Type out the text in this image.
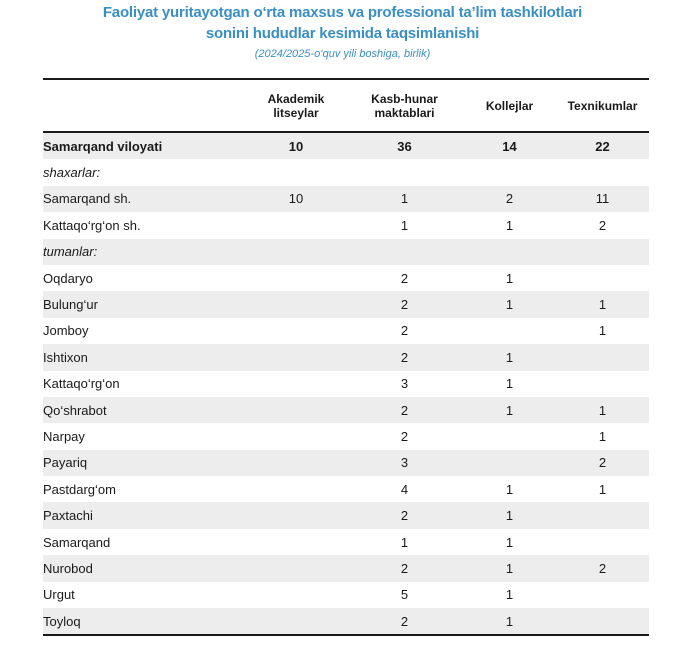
Faoliyat yuritayotgan o‘rta maxsus va professional ta’lim tashkilotlari
sonini hududlar kesimida taqsimlanishi
(2024/2025-o‘quv yili boshiga, birlik)
	Akademik
litseylar	Kasb-hunar
maktablari	Kollejlar	Texnikumlar
Samarqand viloyati	10	36	14	22
shaxarlar:				
Samarqand sh.	10	1	2	11
Kattaqo‘rg‘on sh.		1	1	2
tumanlar:				
Oqdaryo		2	1	
Bulung‘ur		2	1	1
Jomboy		2		1
Ishtixon		2	1	
Kattaqo‘rg‘on		3	1	
Qo‘shrabot		2	1	1
Narpay		2		1
Payariq		3		2
Pastdarg‘om		4	1	1
Paxtachi		2	1	
Samarqand		1	1	
Nurobod		2	1	2
Urgut		5	1	
Toyloq		2	1	
